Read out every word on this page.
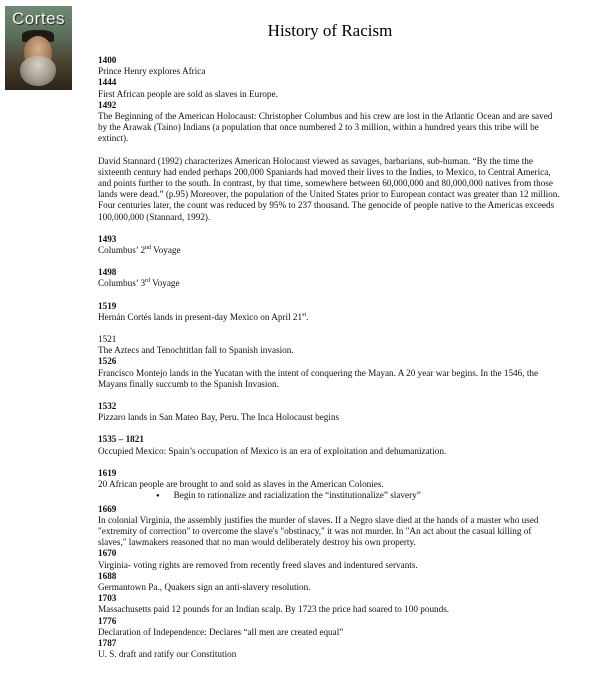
Cortes
History of Racism

1400

Prince Henry explores Africa

1444

First African people are sold as slaves in Europe.

1492

The Beginning of the American Holocaust: Christopher Columbus and his crew are lost in the Atlantic Ocean and are saved by the Arawak (Taino) Indians (a population that once numbered 2 to 3 million, within a hundred years this tribe will be extinct).

David Stannard (1992) characterizes American Holocaust viewed as savages, barbarians, sub-human. “By the time the sixteenth century had ended perhaps 200,000 Spaniards had moved their lives to the Indies, to Mexico, to Central America, and points further to the south. In contrast, by that time, somewhere between 60,000,000 and 80,000,000 natives from those lands were dead.” (p.95) Moreover, the population of the United States prior to European contact was greater than 12 million. Four centuries later, the count was reduced by 95% to 237 thousand. The genocide of people native to the Americas exceeds 100,000,000 (Stannard, 1992).

1493

Columbus’ 2nd Voyage

1498

Columbus’ 3rd Voyage

1519

Hernán Cortés lands in present-day Mexico on April 21st.

1521

The Aztecs and Tenochtitlan fall to Spanish invasion.

1526

Francisco Montejo lands in the Yucatan with the intent of conquering the Mayan. A 20 year war begins. In the 1546, the Mayans finally succumb to the Spanish Invasion.

1532

Pizzaro lands in San Mateo Bay, Peru. The Inca Holocaust begins

1535 – 1821

Occupied Mexico: Spain’s occupation of Mexico is an era of exploitation and dehumanization.

1619

20 African people are brought to and sold as slaves in the American Colonies.

● Begin to rationalize and racialization the “institutionalize” slavery”

1669

In colonial Virginia, the assembly justifies the murder of slaves. If a Negro slave died at the hands of a master who used "extremity of correction" to overcome the slave's "obstinacy," it was not murder. In "An act about the casual killing of slaves," lawmakers reasoned that no man would deliberately destroy his own property.

1670

Virginia- voting rights are removed from recently freed slaves and indentured servants.

1688

Germantown Pa., Quakers sign an anti-slavery resolution.

1703

Massachusetts paid 12 pounds for an Indian scalp. By 1723 the price had soared to 100 pounds.

1776

Declaration of Independence: Declares “all men are created equal”

1787

U. S. draft and ratify our Constitution
